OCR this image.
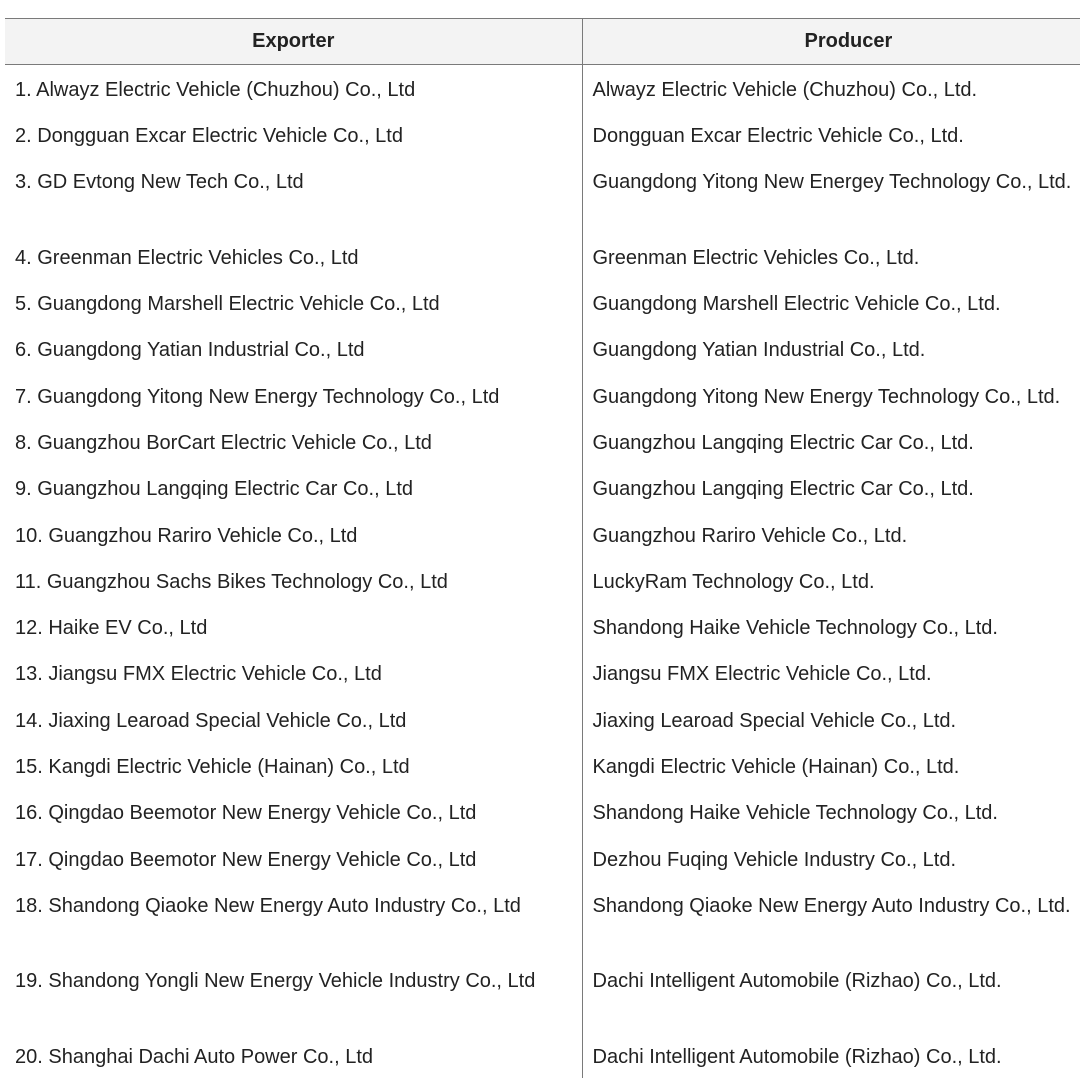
Exporter	Producer
1. Alwayz Electric Vehicle (Chuzhou) Co., Ltd	Alwayz Electric Vehicle (Chuzhou) Co., Ltd.
2. Dongguan Excar Electric Vehicle Co., Ltd	Dongguan Excar Electric Vehicle Co., Ltd.
3. GD Evtong New Tech Co., Ltd	Guangdong Yitong New Energey Technology Co., Ltd.
4. Greenman Electric Vehicles Co., Ltd	Greenman Electric Vehicles Co., Ltd.
5. Guangdong Marshell Electric Vehicle Co., Ltd	Guangdong Marshell Electric Vehicle Co., Ltd.
6. Guangdong Yatian Industrial Co., Ltd	Guangdong Yatian Industrial Co., Ltd.
7. Guangdong Yitong New Energy Technology Co., Ltd	Guangdong Yitong New Energy Technology Co., Ltd.
8. Guangzhou BorCart Electric Vehicle Co., Ltd	Guangzhou Langqing Electric Car Co., Ltd.
9. Guangzhou Langqing Electric Car Co., Ltd	Guangzhou Langqing Electric Car Co., Ltd.
10. Guangzhou Rariro Vehicle Co., Ltd	Guangzhou Rariro Vehicle Co., Ltd.
11. Guangzhou Sachs Bikes Technology Co., Ltd	LuckyRam Technology Co., Ltd.
12. Haike EV Co., Ltd	Shandong Haike Vehicle Technology Co., Ltd.
13. Jiangsu FMX Electric Vehicle Co., Ltd	Jiangsu FMX Electric Vehicle Co., Ltd.
14. Jiaxing Learoad Special Vehicle Co., Ltd	Jiaxing Learoad Special Vehicle Co., Ltd.
15. Kangdi Electric Vehicle (Hainan) Co., Ltd	Kangdi Electric Vehicle (Hainan) Co., Ltd.
16. Qingdao Beemotor New Energy Vehicle Co., Ltd	Shandong Haike Vehicle Technology Co., Ltd.
17. Qingdao Beemotor New Energy Vehicle Co., Ltd	Dezhou Fuqing Vehicle Industry Co., Ltd.
18. Shandong Qiaoke New Energy Auto Industry Co., Ltd	Shandong Qiaoke New Energy Auto Industry Co., Ltd.
19. Shandong Yongli New Energy Vehicle Industry Co., Ltd	Dachi Intelligent Automobile (Rizhao) Co., Ltd.
20. Shanghai Dachi Auto Power Co., Ltd	Dachi Intelligent Automobile (Rizhao) Co., Ltd.
